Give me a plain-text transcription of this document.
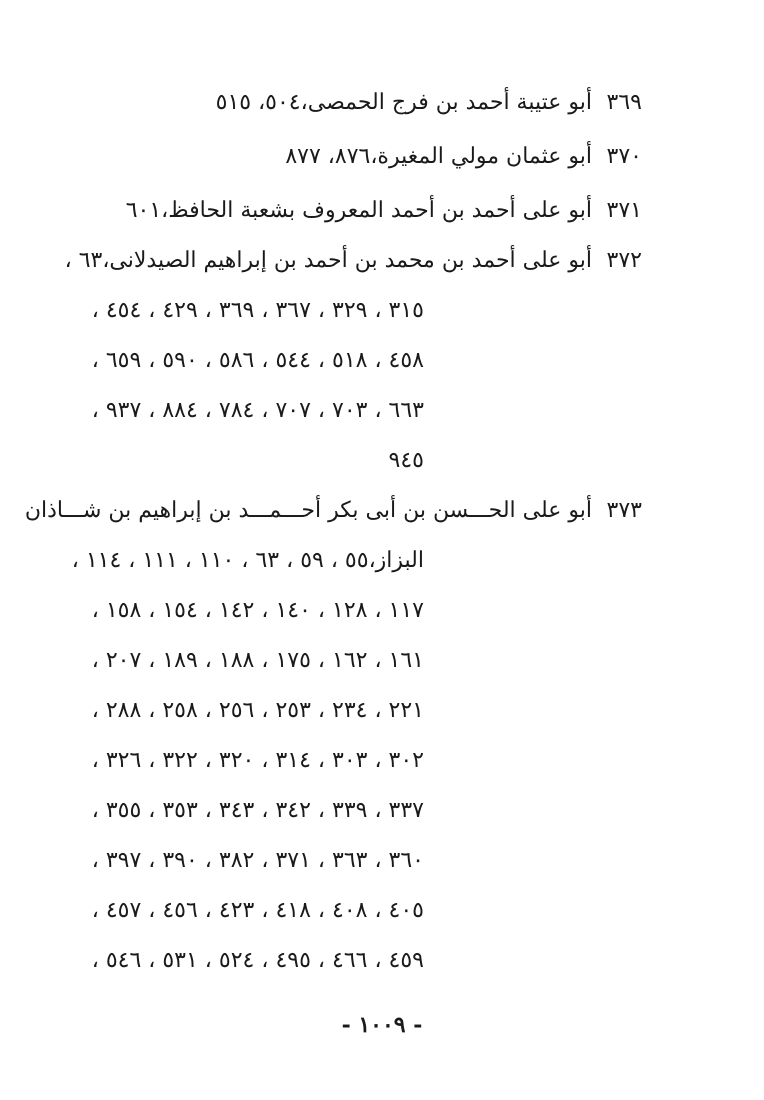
٣٦٩
أبو عتيبة أحمد بن فرج الحمصى،٥٠٤، ٥١٥
٣٧٠
أبو عثمان مولي المغيرة،٨٧٦، ٨٧٧
٣٧١
أبو على أحمد بن أحمد المعروف بشعبة الحافظ،٦٠١
٣٧٢
أبو على أحمد بن محمد بن أحمد بن إبراهيم الصيدلانى،٦٣ ،
٣١٥ ، ٣٢٩ ، ٣٦٧ ، ٣٦٩ ، ٤٢٩ ، ٤٥٤ ،
٤٥٨ ، ٥١٨ ، ٥٤٤ ، ٥٨٦ ، ٥٩٠ ، ٦٥٩ ،
٦٦٣ ، ٧٠٣ ، ٧٠٧ ، ٧٨٤ ، ٨٨٤ ، ٩٣٧ ،
٩٤٥
٣٧٣
أبو على الحـــسن بن أبى بكر أحـــمـــد بن إبراهيم بن شـــاذان
البزاز،٥٥ ، ٥٩ ، ٦٣ ، ١١٠ ، ١١١ ، ١١٤ ،
١١٧ ، ١٢٨ ، ١٤٠ ، ١٤٢ ، ١٥٤ ، ١٥٨ ،
١٦١ ، ١٦٢ ، ١٧٥ ، ١٨٨ ، ١٨٩ ، ٢٠٧ ،
٢٢١ ، ٢٣٤ ، ٢٥٣ ، ٢٥٦ ، ٢٥٨ ، ٢٨٨ ،
٣٠٢ ، ٣٠٣ ، ٣١٤ ، ٣٢٠ ، ٣٢٢ ، ٣٢٦ ،
٣٣٧ ، ٣٣٩ ، ٣٤٢ ، ٣٤٣ ، ٣٥٣ ، ٣٥٥ ،
٣٦٠ ، ٣٦٣ ، ٣٧١ ، ٣٨٢ ، ٣٩٠ ، ٣٩٧ ،
٤٠٥ ، ٤٠٨ ، ٤١٨ ، ٤٢٣ ، ٤٥٦ ، ٤٥٧ ،
٤٥٩ ، ٤٦٦ ، ٤٩٥ ، ٥٢٤ ، ٥٣١ ، ٥٤٦ ،
- ١٠٠٩ -
